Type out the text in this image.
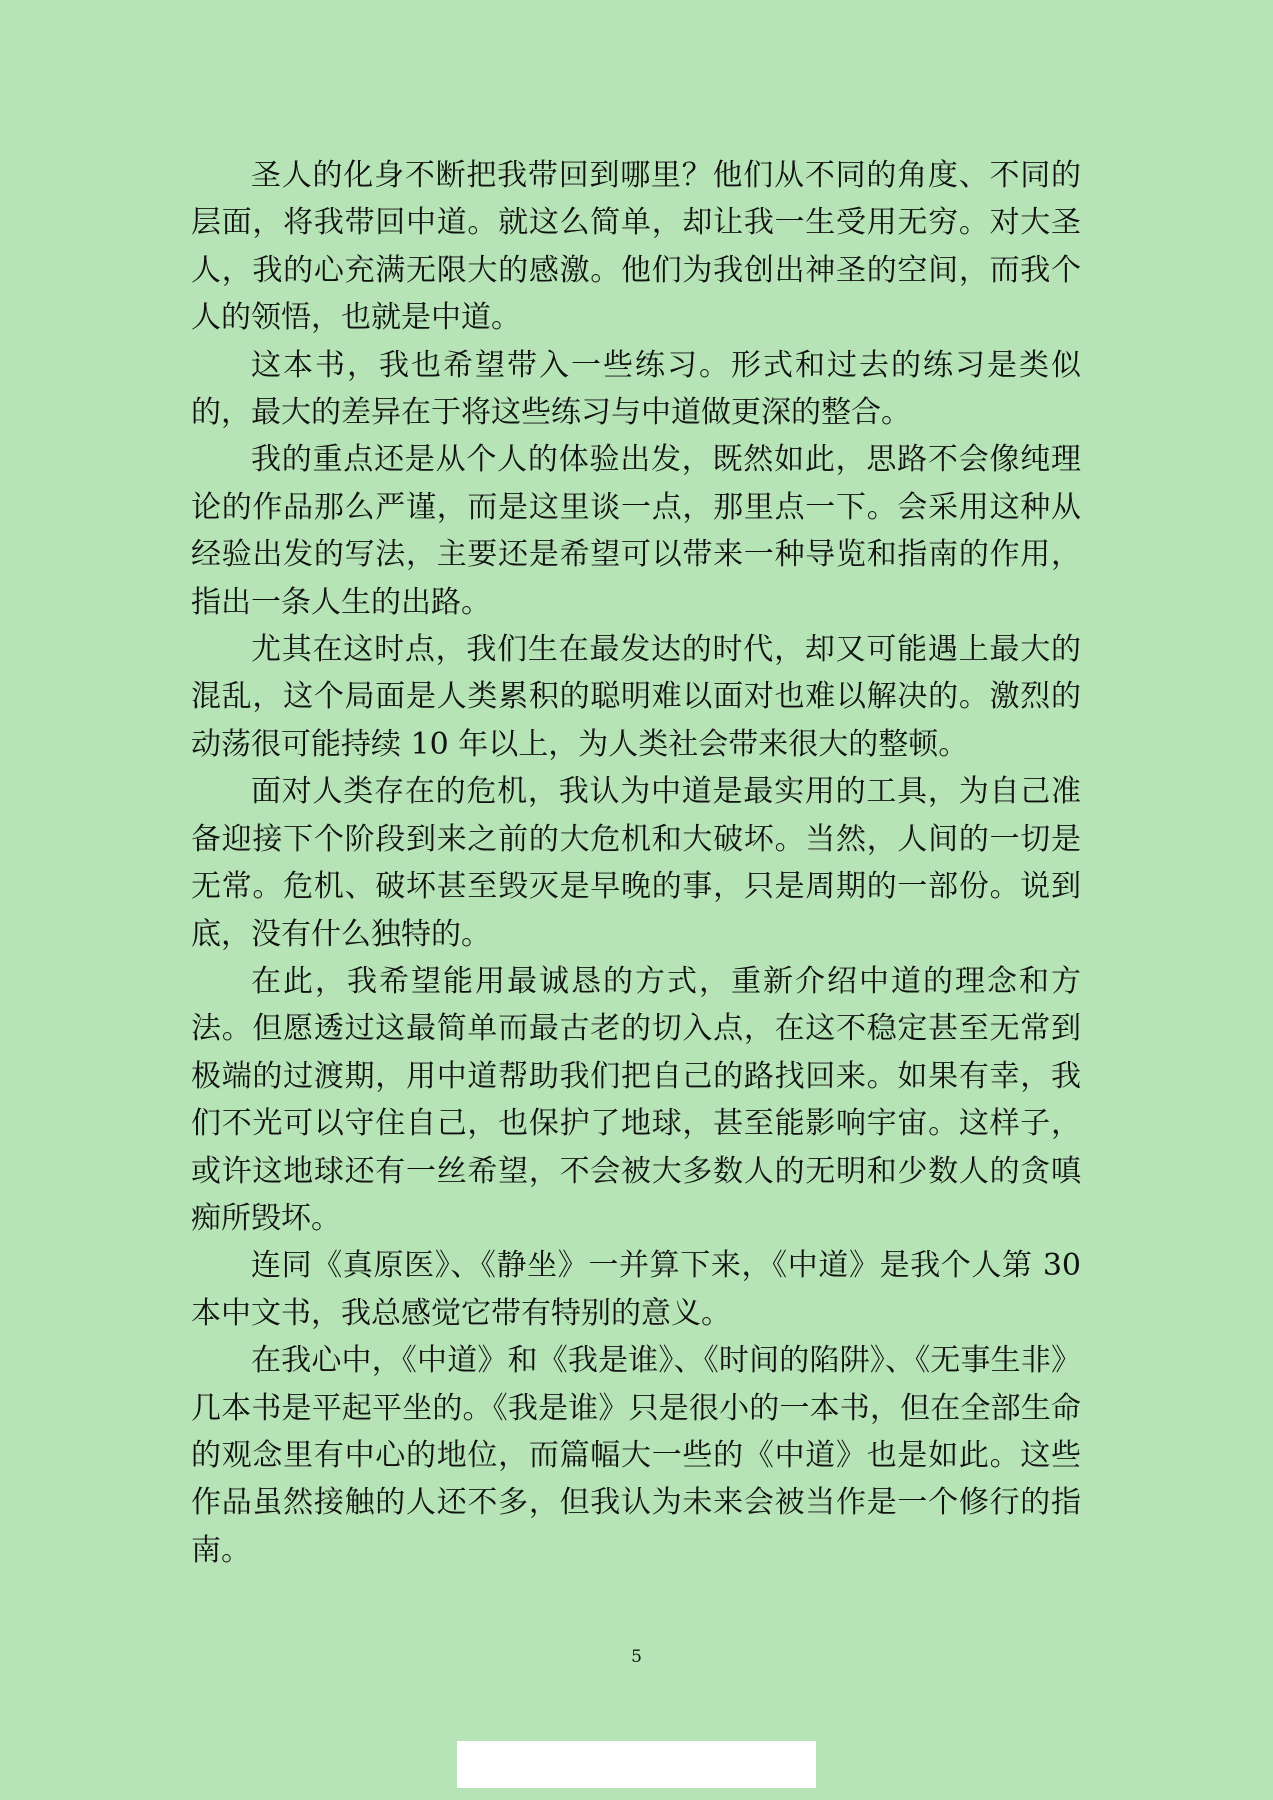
圣人的化身不断把我带回到哪里？他们从不同的角度、不同的层面，将我带回中道。就这么简单，却让我一生受用无穷。对大圣人，我的心充满无限大的感激。他们为我创出神圣的空间，而我个人的领悟，也就是中道。

这本书，我也希望带入一些练习。形式和过去的练习是类似的，最大的差异在于将这些练习与中道做更深的整合。

我的重点还是从个人的体验出发，既然如此，思路不会像纯理论的作品那么严谨，而是这里谈一点，那里点一下。会采用这种从经验出发的写法，主要还是希望可以带来一种导览和指南的作用，指出一条人生的出路。

尤其在这时点，我们生在最发达的时代，却又可能遇上最大的混乱，这个局面是人类累积的聪明难以面对也难以解决的。激烈的动荡很可能持续 10 年以上，为人类社会带来很大的整顿。

面对人类存在的危机，我认为中道是最实用的工具，为自己准备迎接下个阶段到来之前的大危机和大破坏。当然，人间的一切是无常。危机、破坏甚至毁灭是早晚的事，只是周期的一部份。说到底，没有什么独特的。

在此，我希望能用最诚恳的方式，重新介绍中道的理念和方法。但愿透过这最简单而最古老的切入点，在这不稳定甚至无常到极端的过渡期，用中道帮助我们把自己的路找回来。如果有幸，我们不光可以守住自己，也保护了地球，甚至能影响宇宙。这样子，或许这地球还有一丝希望，不会被大多数人的无明和少数人的贪嗔痴所毁坏。

连同《真原医》、《静坐》一并算下来，《中道》是我个人第 30 本中文书，我总感觉它带有特别的意义。

在我心中，《中道》和《我是谁》、《时间的陷阱》、《无事生非》几本书是平起平坐的。《我是谁》只是很小的一本书，但在全部生命的观念里有中心的地位，而篇幅大一些的《中道》也是如此。这些作品虽然接触的人还不多，但我认为未来会被当作是一个修行的指南。

5
